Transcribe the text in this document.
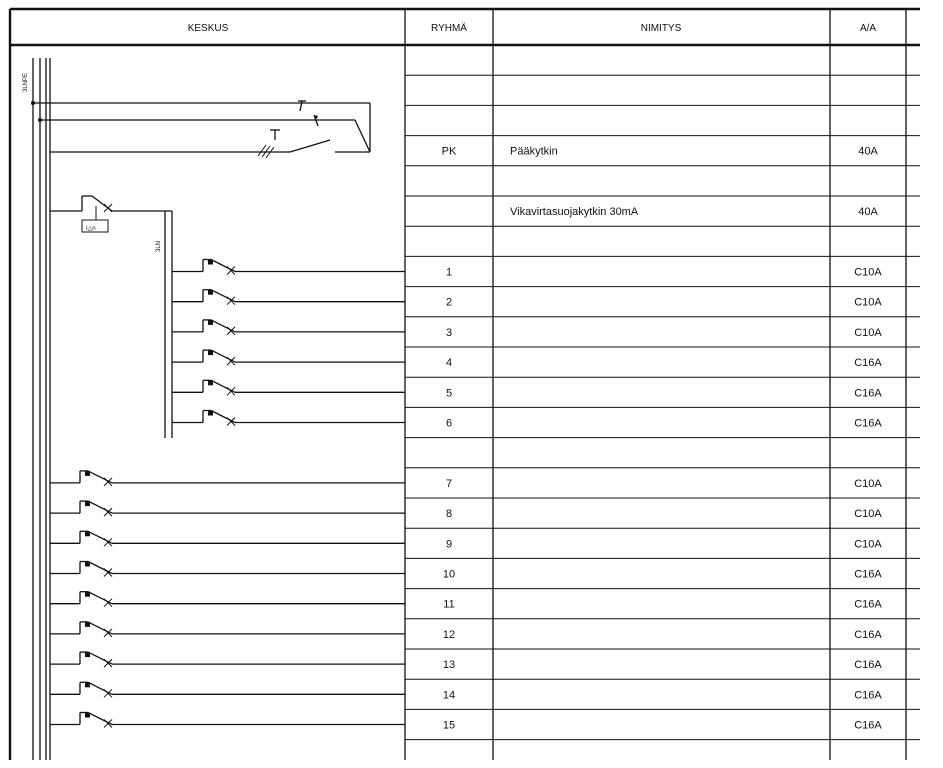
KESKUS	RYHMÄ	NIMITYS	A/A
PK	Pääkytkin	40A
Vikavirtasuojakytkin 30mA	40A
1	C10A
2	C10A
3	C10A
4	C16A
5	C16A
6	C16A
7	C10A
8	C10A
9	C10A
10	C16A
11	C16A
12	C16A
13	C16A
14	C16A
15	C16A
3LNPE
I△n
3LN
